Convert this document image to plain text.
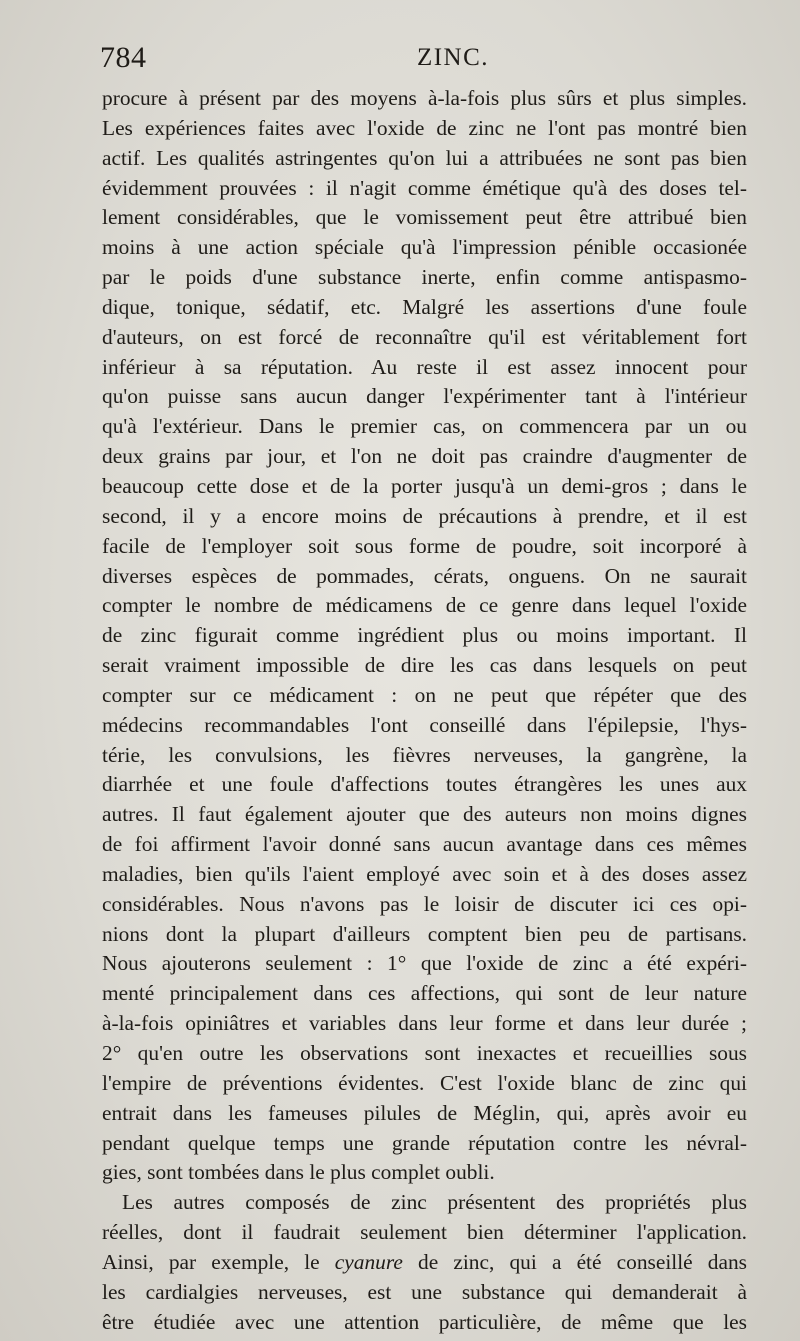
784	ZINC.
procure à présent par des moyens à-la-fois plus sûrs et plus simples.
Les expériences faites avec l'oxide de zinc ne l'ont pas montré bien
actif. Les qualités astringentes qu'on lui a attribuées ne sont pas bien
évidemment prouvées : il n'agit comme émétique qu'à des doses tel-
lement considérables, que le vomissement peut être attribué bien
moins à une action spéciale qu'à l'impression pénible occasionée
par le poids d'une substance inerte, enfin comme antispasmo-
dique, tonique, sédatif, etc. Malgré les assertions d'une foule
d'auteurs, on est forcé de reconnaître qu'il est véritablement fort
inférieur à sa réputation. Au reste il est assez innocent pour
qu'on puisse sans aucun danger l'expérimenter tant à l'intérieur
qu'à l'extérieur. Dans le premier cas, on commencera par un ou
deux grains par jour, et l'on ne doit pas craindre d'augmenter de
beaucoup cette dose et de la porter jusqu'à un demi-gros ; dans le
second, il y a encore moins de précautions à prendre, et il est
facile de l'employer soit sous forme de poudre, soit incorporé à
diverses espèces de pommades, cérats, onguens. On ne saurait
compter le nombre de médicamens de ce genre dans lequel l'oxide
de zinc figurait comme ingrédient plus ou moins important. Il
serait vraiment impossible de dire les cas dans lesquels on peut
compter sur ce médicament : on ne peut que répéter que des
médecins recommandables l'ont conseillé dans l'épilepsie, l'hys-
térie, les convulsions, les fièvres nerveuses, la gangrène, la
diarrhée et une foule d'affections toutes étrangères les unes aux
autres. Il faut également ajouter que des auteurs non moins dignes
de foi affirment l'avoir donné sans aucun avantage dans ces mêmes
maladies, bien qu'ils l'aient employé avec soin et à des doses assez
considérables. Nous n'avons pas le loisir de discuter ici ces opi-
nions dont la plupart d'ailleurs comptent bien peu de partisans.
Nous ajouterons seulement : 1° que l'oxide de zinc a été expéri-
menté principalement dans ces affections, qui sont de leur nature
à-la-fois opiniâtres et variables dans leur forme et dans leur durée ;
2° qu'en outre les observations sont inexactes et recueillies sous
l'empire de préventions évidentes. C'est l'oxide blanc de zinc qui
entrait dans les fameuses pilules de Méglin, qui, après avoir eu
pendant quelque temps une grande réputation contre les névral-
gies, sont tombées dans le plus complet oubli.
Les autres composés de zinc présentent des propriétés plus
réelles, dont il faudrait seulement bien déterminer l'application.
Ainsi, par exemple, le cyanure de zinc, qui a été conseillé dans
les cardialgies nerveuses, est une substance qui demanderait à
être étudiée avec une attention particulière, de même que les
